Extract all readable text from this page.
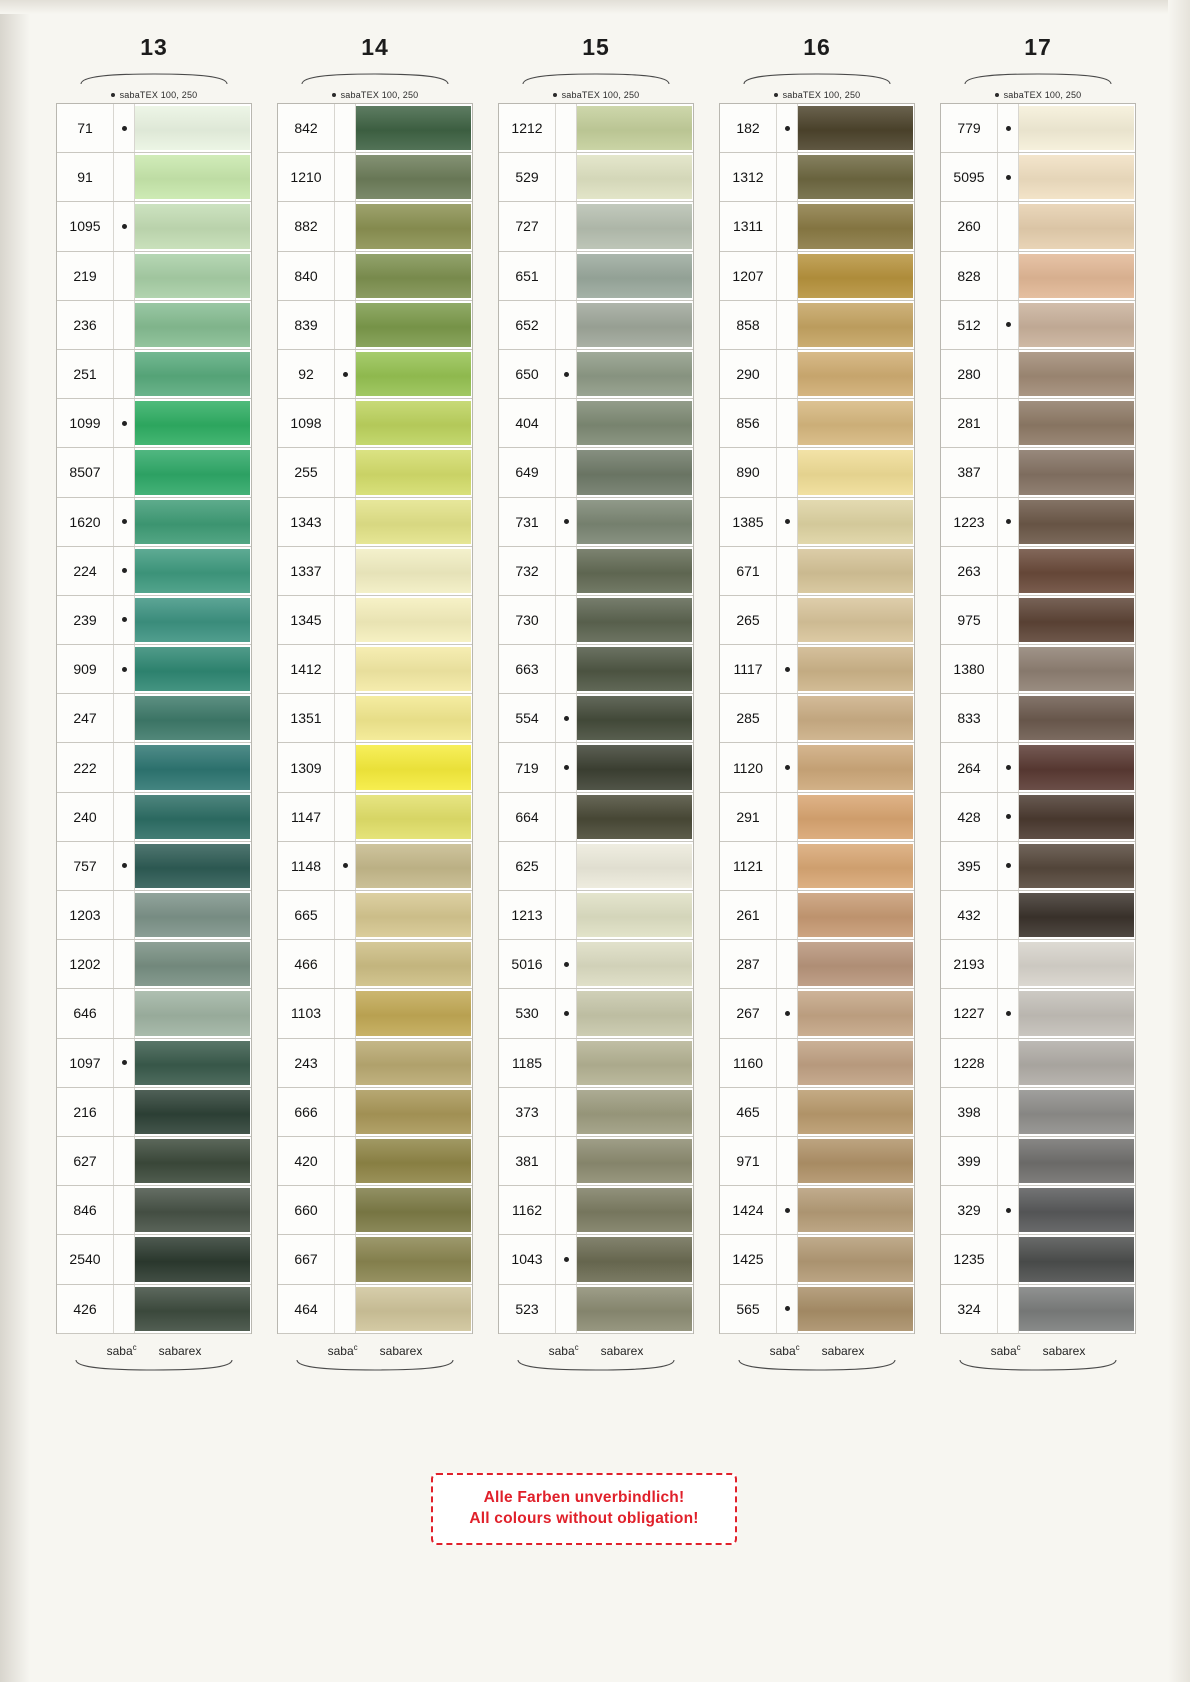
13
sabaTEX 100, 250
71
91
1095
219
236
251
1099
8507
1620
224
239
909
247
222
240
757
1203
1202
646
1097
216
627
846
2540
426
saba$^c$ sabarex
14
sabaTEX 100, 250
842
1210
882
840
839
92
1098
255
1343
1337
1345
1412
1351
1309
1147
1148
665
466
1103
243
666
420
660
667
464
saba$^c$ sabarex
15
sabaTEX 100, 250
1212
529
727
651
652
650
404
649
731
732
730
663
554
719
664
625
1213
5016
530
1185
373
381
1162
1043
523
saba$^c$ sabarex
16
sabaTEX 100, 250
182
1312
1311
1207
858
290
856
890
1385
671
265
1117
285
1120
291
1121
261
287
267
1160
465
971
1424
1425
565
saba$^c$ sabarex
17
sabaTEX 100, 250
779
5095
260
828
512
280
281
387
1223
263
975
1380
833
264
428
395
432
2193
1227
1228
398
399
329
1235
324
saba$^c$ sabarex
Alle Farben unverbindlich!
All colours without obligation!
